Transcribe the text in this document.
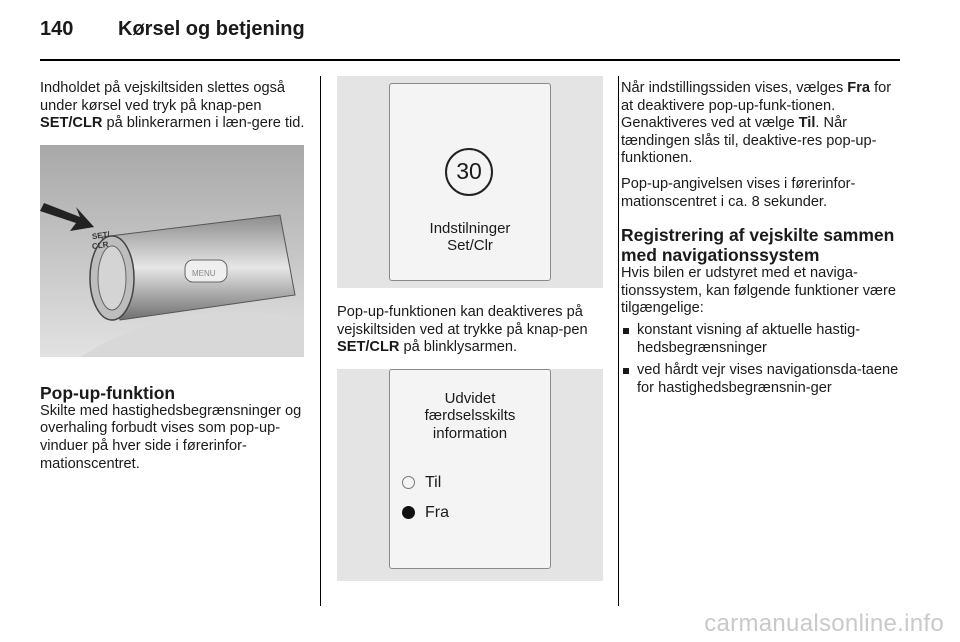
140 Kørsel og betjening

Indholdet på vejskiltsiden slettes også under kørsel ved tryk på knap-pen SET/CLR på blinkerarmen i læn-gere tid.

SET/
CLR
MENU
Pop-up-funktion

Skilte med hastighedsbegrænsninger og overhaling forbudt vises som pop-up-vinduer på hver side i førerinfor-mationscentret.

30
Indstilninger
Set/Clr

Pop-up-funktionen kan deaktiveres på vejskiltsiden ved at trykke på knap-pen SET/CLR på blinklysarmen.

Udvidet
færdselsskilts
information
Til
Fra

Når indstillingssiden vises, vælges Fra for at deaktivere pop-up-funk-tionen. Genaktiveres ved at vælge Til. Når tændingen slås til, deaktive-res pop-up-funktionen.

Pop-up-angivelsen vises i førerinfor-mationscentret i ca. 8 sekunder.

Registrering af vejskilte sammen med navigationssystem

Hvis bilen er udstyret med et naviga-tionssystem, kan følgende funktioner være tilgængelige:

konstant visning af aktuelle hastig-hedsbegrænsninger
ved hårdt vejr vises navigationsda-taene for hastighedsbegrænsnin-ger
carmanualsonline.info
